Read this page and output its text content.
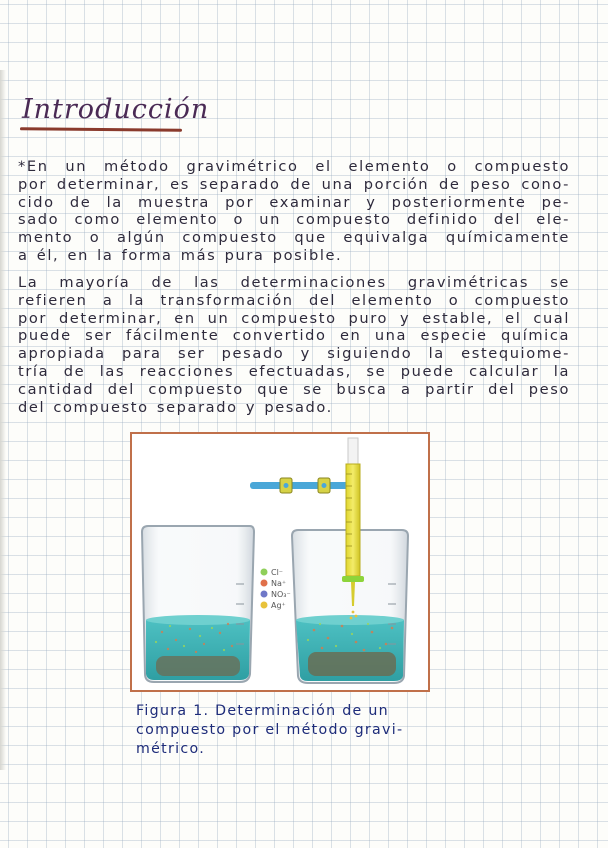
Introducción
*En un método gravimétrico el elemento o compuesto
por determinar, es separado de una porción de peso cono-
cido de la muestra por examinar y posteriormente pe-
sado como elemento o un compuesto definido del ele-
mento o algún compuesto que equivalga químicamente
a él, en la forma más pura posible.
La mayoría de las determinaciones gravimétricas se
refieren a la transformación del elemento o compuesto
por determinar, en un compuesto puro y estable, el cual
puede ser fácilmente convertido en una especie química
apropiada para ser pesado y siguiendo la estequiome-
tría de las reacciones efectuadas, se puede calcular la
cantidad del compuesto que se busca a partir del peso
del compuesto separado y pesado.
Cl⁻
Na⁺
NO₃⁻
Ag⁺
Figura 1. Determinación de un
compuesto por el método gravi-
métrico.
